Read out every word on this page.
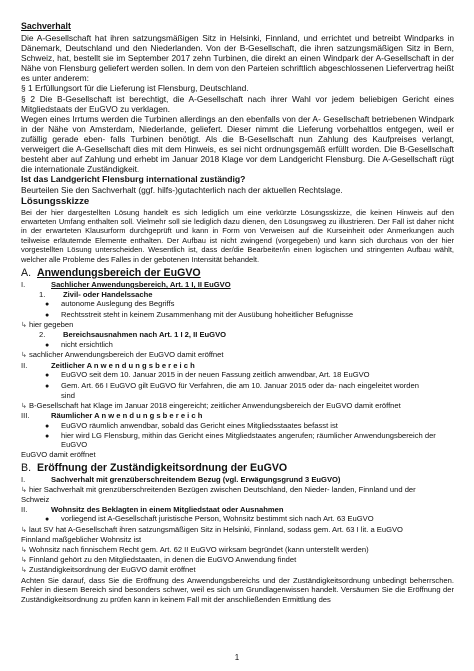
Sachverhalt
Die A-Gesellschaft hat ihren satzungsmäßigen Sitz in Helsinki, Finnland, und errichtet und betreibt Windparks in Dänemark, Deutschland und den Niederlanden. Von der B-Gesellschaft, die ihren satzungsmäßigen Sitz in Bern, Schweiz, hat, bestellt sie im September 2017 zehn Turbinen, die direkt an einen Windpark der A-Gesellschaft in der Nähe von Flensburg geliefert werden sollen. In dem von den Parteien schriftlich abgeschlossenen Liefervertrag heißt es unter anderem:
§ 1 Erfüllungsort für die Lieferung ist Flensburg, Deutschland.
§ 2 Die B-Gesellschaft ist berechtigt, die A-Gesellschaft nach ihrer Wahl vor jedem beliebigen Gericht eines Mitgliedstaats der EuGVO zu verklagen.
Wegen eines Irrtums werden die Turbinen allerdings an den ebenfalls von der A- Gesellschaft betriebenen Windpark in der Nähe von Amsterdam, Niederlande, geliefert. Dieser nimmt die Lieferung vorbehaltlos entgegen, weil er zufällig gerade eben- falls Turbinen benötigt. Als die B-Gesellschaft nun Zahlung des Kaufpreises verlangt, verweigert die A-Gesellschaft dies mit dem Hinweis, es sei nicht ordnungsgemäß erfüllt worden. Die B-Gesellschaft besteht aber auf Zahlung und erhebt im Januar 2018 Klage vor dem Landgericht Flensburg. Die A-Gesellschaft rügt die internationale Zuständigkeit.
Ist das Landgericht Flensburg international zuständig?
Beurteilen Sie den Sachverhalt (ggf. hilfs-)gutachterlich nach der aktuellen Rechtslage.
Lösungsskizze
Bei der hier dargestellten Lösung handelt es sich lediglich um eine verkürzte Lösungsskizze, die keinen Hinweis auf den erwarteten Umfang enthalten soll. Vielmehr soll sie lediglich dazu dienen, den Lösungsweg zu illustrieren. Der Fall ist daher nicht in der erwarteten Klausurform durchgeprüft und kann in Form von Verweisen auf die Kurseinheit oder Anmerkungen auch teilweise erläuternde Elemente enthalten. Der Aufbau ist nicht zwingend (vorgegeben) und kann sich durchaus von der hier vorgestellten Lösung unterscheiden. Wesentlich ist, dass der/die Bearbeiter/in einen logischen und stringenten Aufbau wählt, welcher alle Probleme des Falles in der gebotenen Intensität behandelt.
A. Anwendungsbereich der EuGVO
I.	Sachlicher Anwendungsbereich, Art. 1 I, II EuGVO
1.	Zivil- oder Handelssache
●	autonome Auslegung des Begriffs
●	Rechtsstreit steht in keinem Zusammenhang mit der Ausübung hoheitlicher Befugnisse
↳ hier gegeben
2.	Bereichsausnahmen nach Art. 1 I 2, II EuGVO
●	nicht ersichtlich
↳ sachlicher Anwendungsbereich der EuGVO damit eröffnet
II.	Zeitlicher A n w e n d u n g s b e r e i c h
●	EuGVO seit dem 10. Januar 2015 in der neuen Fassung zeitlich anwendbar, Art. 18 EuGVO
●	Gem. Art. 66 I EuGVO gilt EuGVO für Verfahren, die am 10. Januar 2015 oder da- nach eingeleitet worden
sind
↳ B-Gesellschaft hat Klage im Januar 2018 eingereicht; zeitlicher Anwendungsbereich der EuGVO damit eröffnet
III.	Räumlicher A n w e n d u n g s b e r e i c h
●	EuGVO räumlich anwendbar, sobald das Gericht eines Mitgliedsstaates befasst ist
●	hier wird LG Flensburg, mithin das Gericht eines Mitgliedstaates angerufen; räumlicher Anwendungsbereich der EuGVO
EuGVO damit eröffnet
B. Eröffnung der Zuständigkeitsordnung der EuGVO
I.	Sachverhalt mit grenzüberschreitendem Bezug (vgl. Erwägungsgrund 3 EuGVO)
↳ hier Sachverhalt mit grenzüberschreitenden Bezügen zwischen Deutschland, den Nieder- landen, Finnland und der
Schweiz
II.	Wohnsitz des Beklagten in einem Mitgliedstaat oder Ausnahmen
●	vorliegend ist A-Gesellschaft juristische Person, Wohnsitz bestimmt sich nach Art. 63 EuGVO
↳ laut SV hat A-Gesellschaft ihren satzungsmäßigen Sitz in Helsinki, Finnland, sodass gem. Art. 63 I lit. a EuGVO
Finnland maßgeblicher Wohnsitz ist
↳ Wohnsitz nach finnischem Recht gem. Art. 62 II EuGVO wirksam begründet (kann unterstellt werden)
↳ Finnland gehört zu den Mitgliedstaaten, in denen die EuGVO Anwendung findet
↳ Zuständigkeitsordnung der EuGVO damit eröffnet
Achten Sie darauf, dass Sie die Eröffnung des Anwendungsbereichs und der Zuständigkeitsordnung unbedingt beherrschen. Fehler in diesem Bereich sind besonders schwer, weil es sich um Grundlagenwissen handelt. Versäumen Sie die Eröffnung der Zuständigkeitsordnung zu prüfen kann in keinem Fall mit der anschließenden Ermittlung des
1
